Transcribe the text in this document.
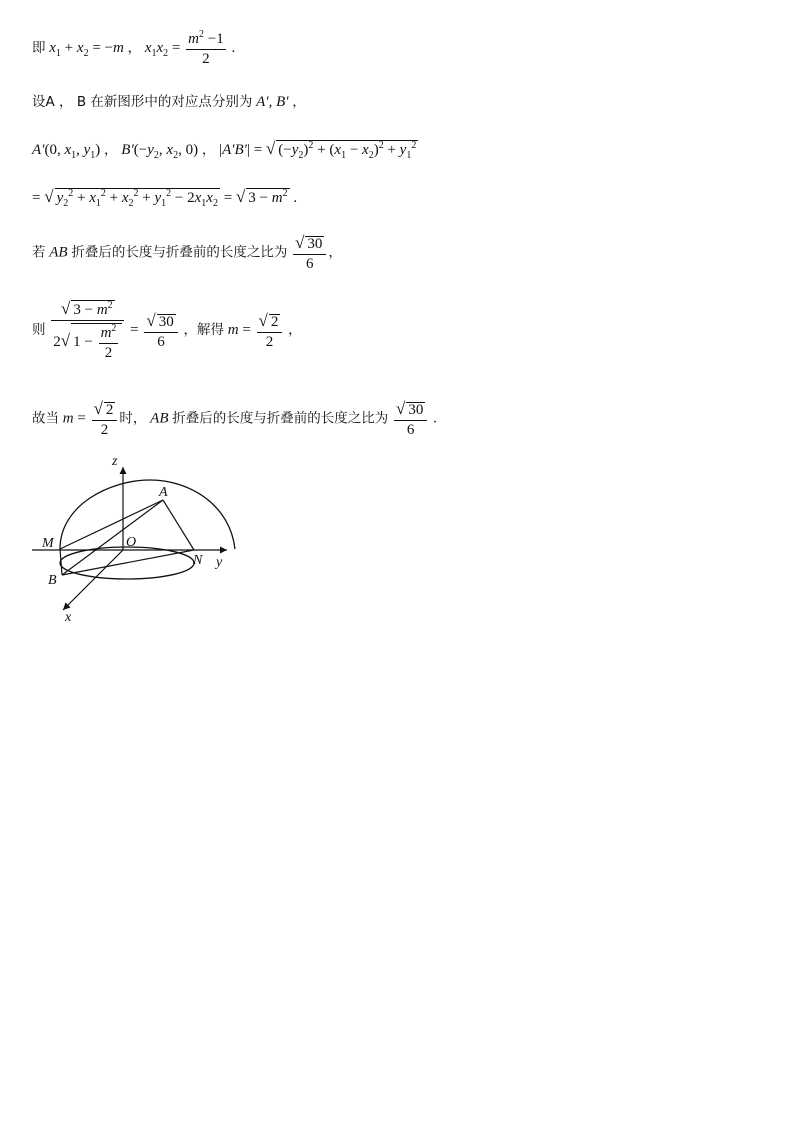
即 $x_1 + x_2 = -m$ ， $x_1x_2 = \frac{m^2 -1}{2}$ .
设A ， B 在新图形中的对应点分别为 A′, B′ ，
A′(0, $x_1$, $y_1$) ， $B'(-y_2$, $x_2$, 0) ， |A′B′| = √ $(-y_2)^2 + (x_1 - x_2)^2 + y_1^2$
= √ $y_2^2 + x_1^2 + x_2^2 + y_1^2 - 2x_1x_2$ = √ $3 - m^2$ .
若 AB 折叠后的长度与折叠前的长度之比为 $\frac{√ 30}{6}$ ，
则 $\frac{√ 3 - m^2}{2√ 1 - \frac{m^2}{2}} = \frac{√ 30}{6}$ ，解得 $m = \frac{√ 2}{2}$ ，
故当 $m = \frac{√ 2}{2}$ 时， AB 折叠后的长度与折叠前的长度之比为 $\frac{√ 30}{6}$ .
z
A
M	O
N y
B
x
